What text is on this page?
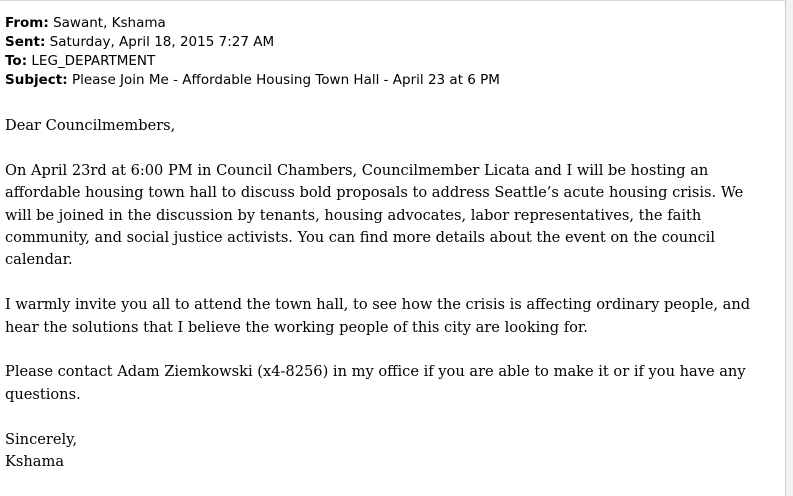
From: Sawant, Kshama
Sent: Saturday, April 18, 2015 7:27 AM
To: LEG_DEPARTMENT
Subject: Please Join Me - Affordable Housing Town Hall - April 23 at 6 PM

Dear Councilmembers,

On April 23rd at 6:00 PM in Council Chambers, Councilmember Licata and I will be hosting an
affordable housing town hall to discuss bold proposals to address Seattle’s acute housing crisis. We
will be joined in the discussion by tenants, housing advocates, labor representatives, the faith
community, and social justice activists. You can find more details about the event on the council
calendar.

I warmly invite you all to attend the town hall, to see how the crisis is affecting ordinary people, and
hear the solutions that I believe the working people of this city are looking for.

Please contact Adam Ziemkowski (x4-8256) in my office if you are able to make it or if you have any
questions.

Sincerely,

Kshama
